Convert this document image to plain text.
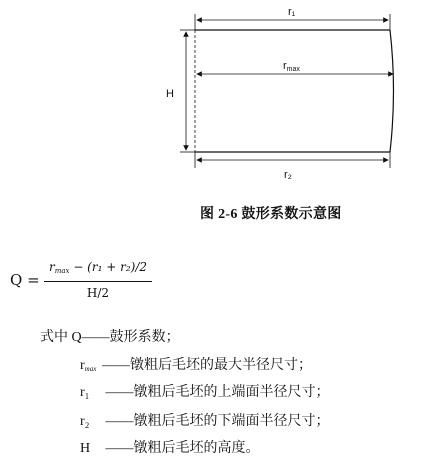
r₁
rmax
H
r₂
图 2-6 鼓形系数示意图
Q =
$r_{max} - (r_1 + r_2)/2$
H/2
式中 Q——鼓形系数；
$r_{max}$ ——镦粗后毛坯的最大半径尺寸；
r₁ ——镦粗后毛坯的上端面半径尺寸；
r₂ ——镦粗后毛坯的下端面半径尺寸；
H ——镦粗后毛坯的高度。
